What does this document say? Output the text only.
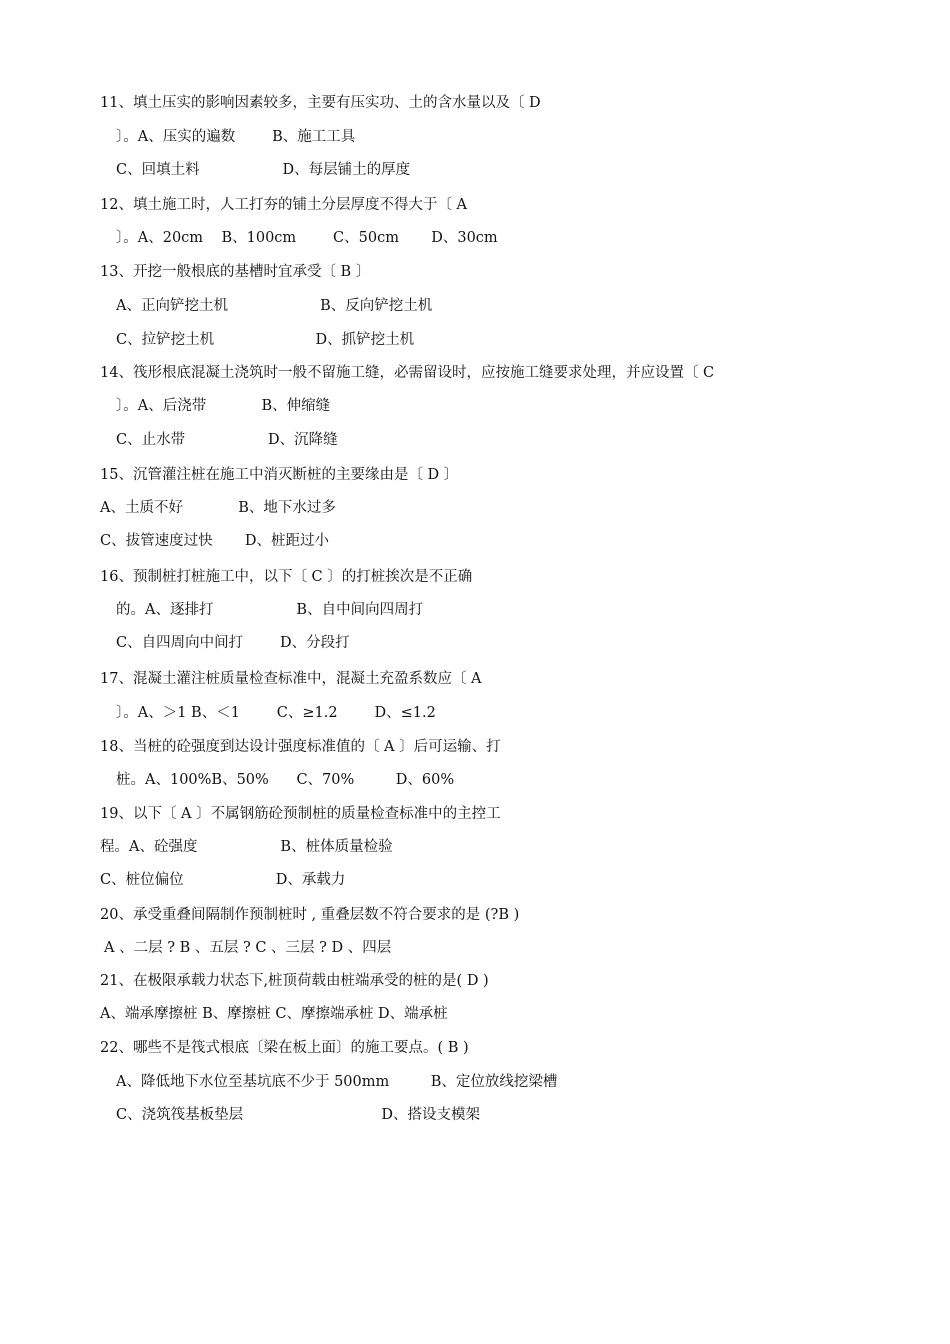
11、填土压实的影响因素较多，主要有压实功、土的含水量以及〔 D
〕。A、压实的遍数        B、施工工具
C、回填土料                  D、每层铺土的厚度
12、填土施工时，人工打夯的铺土分层厚度不得大于〔 A
〕。A、20cm    B、100cm        C、50cm       D、30cm
13、开挖一般根底的基槽时宜承受〔 B 〕
A、正向铲挖土机                    B、反向铲挖土机
C、拉铲挖土机                      D、抓铲挖土机
14、筏形根底混凝土浇筑时一般不留施工缝，必需留设时，应按施工缝要求处理，并应设置〔 C
〕。A、后浇带            B、伸缩缝
C、止水带                  D、沉降缝
15、沉管灌注桩在施工中消灭断桩的主要缘由是〔 D 〕
A、土质不好            B、地下水过多
C、拔管速度过快       D、桩距过小
16、预制桩打桩施工中，以下〔 C 〕的打桩挨次是不正确
的。A、逐排打                  B、自中间向四周打
C、自四周向中间打        D、分段打
17、混凝土灌注桩质量检查标准中，混凝土充盈系数应〔 A
〕。A、＞1 B、＜1        C、≥1.2        D、≤1.2
18、当桩的砼强度到达设计强度标准值的〔 A 〕后可运输、打
桩。A、100%B、50%      C、70%         D、60%
19、以下〔 A 〕不属钢筋砼预制桩的质量检查标准中的主控工
程。A、砼强度                  B、桩体质量检验
C、桩位偏位                    D、承载力
20、承受重叠间隔制作预制桩时 , 重叠层数不符合要求的是 (?B )
A 、二层 ? B 、五层 ? C 、三层 ? D 、四层
21、在极限承载力状态下,桩顶荷载由桩端承受的桩的是( D )
A、端承摩擦桩 B、摩擦桩 C、摩擦端承桩 D、端承桩
22、哪些不是筏式根底〔梁在板上面〕的施工要点。( B )
A、降低地下水位至基坑底不少于 500mm         B、定位放线挖梁槽
C、浇筑筏基板垫层                              D、搭设支模架
